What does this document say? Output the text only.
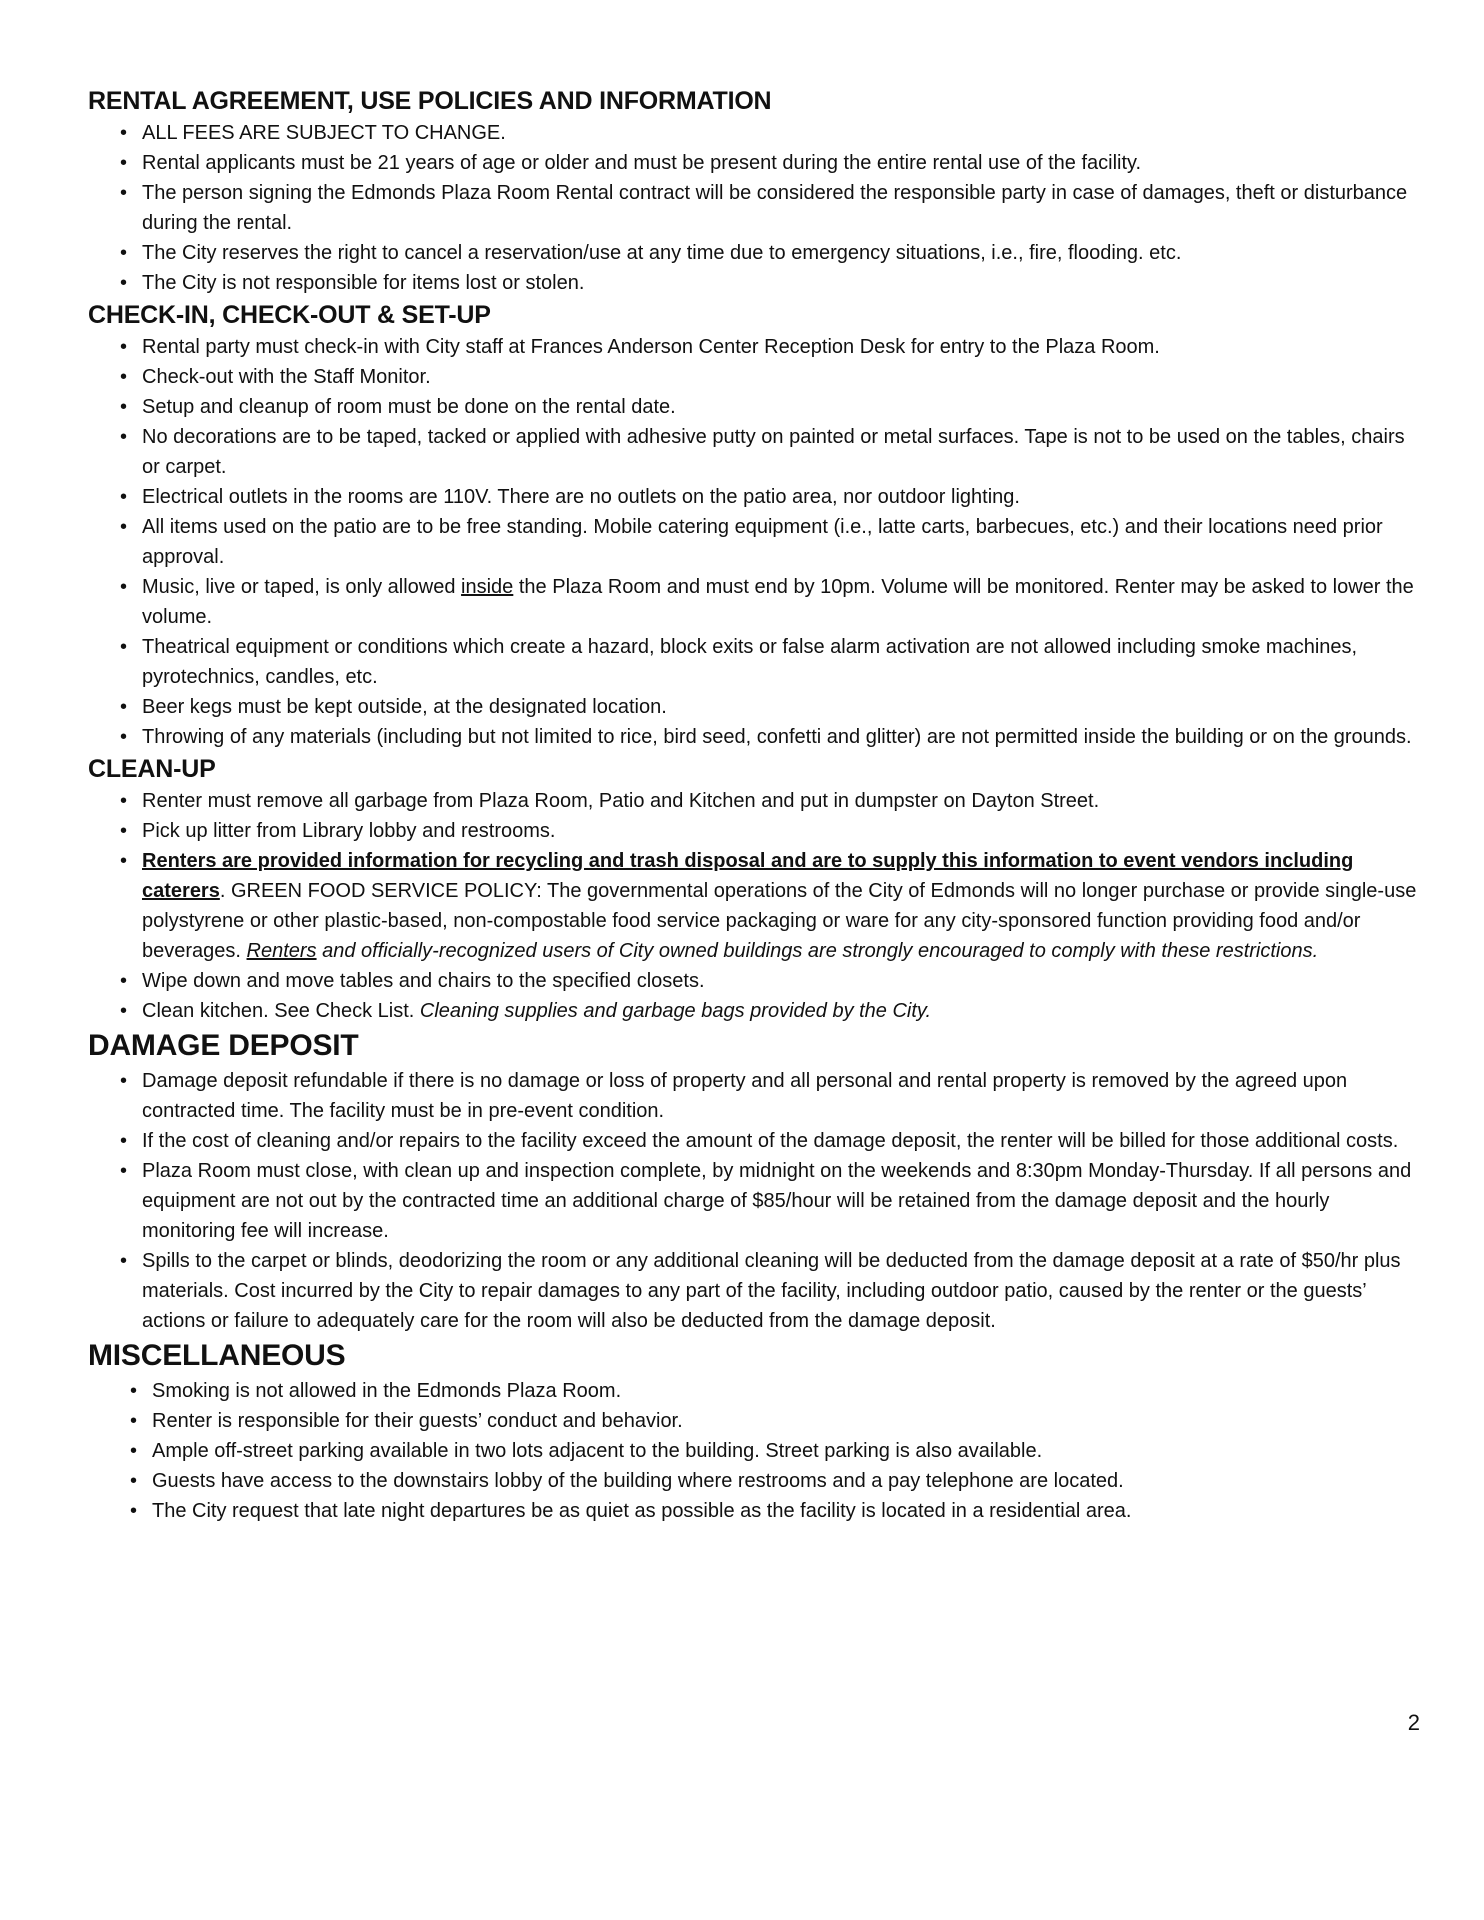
RENTAL AGREEMENT, USE POLICIES AND INFORMATION
• ALL FEES ARE SUBJECT TO CHANGE.
• Rental applicants must be 21 years of age or older and must be present during the entire rental use of the facility.
• The person signing the Edmonds Plaza Room Rental contract will be considered the responsible party in case of damages, theft or disturbance during the rental.
• The City reserves the right to cancel a reservation/use at any time due to emergency situations, i.e., fire, flooding. etc.
• The City is not responsible for items lost or stolen.
CHECK-IN, CHECK-OUT & SET-UP
• Rental party must check-in with City staff at Frances Anderson Center Reception Desk for entry to the Plaza Room.
• Check-out with the Staff Monitor.
• Setup and cleanup of room must be done on the rental date.
• No decorations are to be taped, tacked or applied with adhesive putty on painted or metal surfaces. Tape is not to be used on the tables, chairs or carpet.
• Electrical outlets in the rooms are 110V. There are no outlets on the patio area, nor outdoor lighting.
• All items used on the patio are to be free standing. Mobile catering equipment (i.e., latte carts, barbecues, etc.) and their locations need prior approval.
• Music, live or taped, is only allowed inside the Plaza Room and must end by 10pm. Volume will be monitored. Renter may be asked to lower the volume.
• Theatrical equipment or conditions which create a hazard, block exits or false alarm activation are not allowed including smoke machines, pyrotechnics, candles, etc.
• Beer kegs must be kept outside, at the designated location.
• Throwing of any materials (including but not limited to rice, bird seed, confetti and glitter) are not permitted inside the building or on the grounds.
CLEAN-UP
• Renter must remove all garbage from Plaza Room, Patio and Kitchen and put in dumpster on Dayton Street.
• Pick up litter from Library lobby and restrooms.
• Renters are provided information for recycling and trash disposal and are to supply this information to event vendors including caterers. GREEN FOOD SERVICE POLICY: The governmental operations of the City of Edmonds will no longer purchase or provide single-use polystyrene or other plastic-based, non-compostable food service packaging or ware for any city-sponsored function providing food and/or beverages. Renters and officially-recognized users of City owned buildings are strongly encouraged to comply with these restrictions.
• Wipe down and move tables and chairs to the specified closets.
• Clean kitchen. See Check List. Cleaning supplies and garbage bags provided by the City.
DAMAGE DEPOSIT
• Damage deposit refundable if there is no damage or loss of property and all personal and rental property is removed by the agreed upon contracted time. The facility must be in pre-event condition.
• If the cost of cleaning and/or repairs to the facility exceed the amount of the damage deposit, the renter will be billed for those additional costs.
• Plaza Room must close, with clean up and inspection complete, by midnight on the weekends and 8:30pm Monday-Thursday. If all persons and equipment are not out by the contracted time an additional charge of $85/hour will be retained from the damage deposit and the hourly monitoring fee will increase.
• Spills to the carpet or blinds, deodorizing the room or any additional cleaning will be deducted from the damage deposit at a rate of $50/hr plus materials. Cost incurred by the City to repair damages to any part of the facility, including outdoor patio, caused by the renter or the guests’ actions or failure to adequately care for the room will also be deducted from the damage deposit.
MISCELLANEOUS
• Smoking is not allowed in the Edmonds Plaza Room.
• Renter is responsible for their guests’ conduct and behavior.
• Ample off-street parking available in two lots adjacent to the building. Street parking is also available.
• Guests have access to the downstairs lobby of the building where restrooms and a pay telephone are located.
• The City request that late night departures be as quiet as possible as the facility is located in a residential area.
2
